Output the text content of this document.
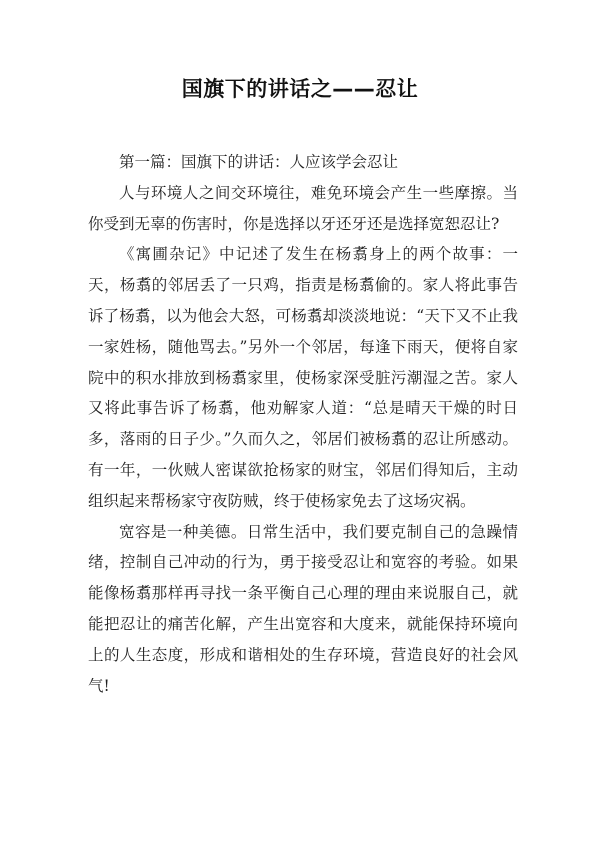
国旗下的讲话之——忍让

第一篇：国旗下的讲话：人应该学会忍让

人与环境人之间交环境往，难免环境会产生一些摩擦。当你受到无辜的伤害时，你是选择以牙还牙还是选择宽恕忍让?

《寓圃杂记》中记述了发生在杨翥身上的两个故事：一天，杨翥的邻居丢了一只鸡，指责是杨翥偷的。家人将此事告诉了杨翥，以为他会大怒，可杨翥却淡淡地说：“天下又不止我一家姓杨，随他骂去。”另外一个邻居，每逢下雨天，便将自家院中的积水排放到杨翥家里，使杨家深受脏污潮湿之苦。家人又将此事告诉了杨翥，他劝解家人道：“总是晴天干燥的时日多，落雨的日子少。”久而久之，邻居们被杨翥的忍让所感动。有一年，一伙贼人密谋欲抢杨家的财宝，邻居们得知后，主动组织起来帮杨家守夜防贼，终于使杨家免去了这场灾祸。

宽容是一种美德。日常生活中，我们要克制自己的急躁情绪，控制自己冲动的行为，勇于接受忍让和宽容的考验。如果能像杨翥那样再寻找一条平衡自己心理的理由来说服自己，就能把忍让的痛苦化解，产生出宽容和大度来，就能保持环境向上的人生态度，形成和谐相处的生存环境，营造良好的社会风气!
